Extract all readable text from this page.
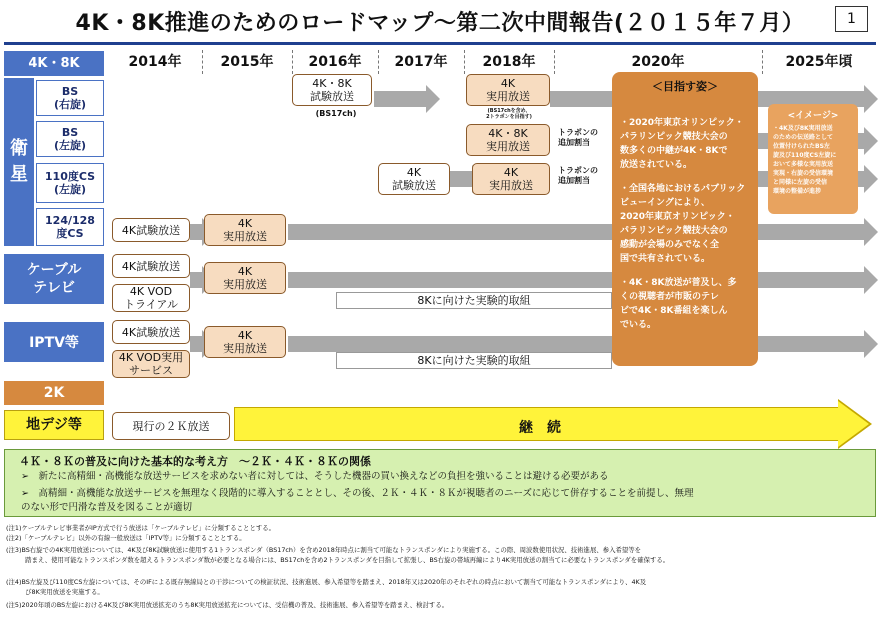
4K・8K推進のためのロードマップ～第二次中間報告(２０１５年７月）	1
4K・8K	2014年	2015年	2016年	2017年	2018年	2020年	2025年頃
衛
星
BS
(右旋)
BS
(左旋)
110度CS
(左旋)
124/128
度CS
ケーブル
テレビ
IPTV等
4K・8K
試験放送
(BS17ch)
4K
実用放送
(BS17chを含め、
2トラポンを目指す)
4K・8K
実用放送
トラポンの
追加割当
4K
試験放送
4K
実用放送
トラポンの
追加割当
4K試験放送	4K
実用放送
4K試験放送
4K VOD
トライアル
4K
実用放送
8Kに向けた実験的取組
4K試験放送
4K VOD実用
サービス
4K
実用放送
8Kに向けた実験的取組
＜目指す姿＞
・2020年東京オリンピック・
パラリンピック競技大会の
数多くの中継が4K・8Kで
放送されている。
・全国各地におけるパブリック
ビューイングにより、
2020年東京オリンピック・
パラリンピック競技大会の
感動が会場のみでなく全
国で共有されている。
・4K・8K放送が普及し、多
くの視聴者が市販のテレ
ビで4K・8K番組を楽しん
でいる。
<イメージ>
・4K及び8K実用放送
のための伝送路として
位置付けられたBS左
旋及び110度CS左旋に
おいて多様な実用放送
実現・右旋の受信環境
と同様に左旋の受信
環境の整備が進捗
2K
地デジ等	現行の２Ｋ放送	継　続
４Ｋ・８Ｋの普及に向けた基本的な考え方　～２Ｋ・４Ｋ・８Ｋの関係
➢　新たに高精細・高機能な放送サービスを求めない者に対しては、そうした機器の買い換えなどの負担を強いることは避ける必要がある
➢　高精細・高機能な放送サービスを無理なく段階的に導入することとし、その後、２Ｋ・４Ｋ・８Ｋが視聴者のニーズに応じて併存することを前提し、無理
のない形で円滑な普及を図ることが適切
(注1)ケーブルテレビ事業者がIP方式で行う放送は「ケーブルテレビ」に分類することとする。
(注2)「ケーブルテレビ」以外の有線一般放送は「IPTV等」に分類することとする。
(注3)BS右旋での4K実用放送については、4K及び8K試験放送に使用する1トランスポンダ（BS17ch）を含め2018年時点に割当て可能なトランスポンダにより実施する。この際、周波数使用状況、技術進展、参入希望等を
　　　踏まえ、使用可能なトランスポンダ数を超えるトランスポンダ数が必要となる場合には、BS17chを含め2トランスポンダを目指して拡張し、BS右旋の帯域再編により4K実用放送の割当てに必要なトランスポンダを確保する。
(注4)BS左旋及び110度CS左旋については、そのIFによる既存無線局との干渉についての検証状況、技術進展、参入希望等を踏まえ、2018年又は2020年のそれぞれの時点において割当て可能なトランスポンダにより、4K及
　　　び8K実用放送を実施する。
(注5)2020年頃のBS左旋における4K及び8K実用放送拡充のうち8K実用放送拡充については、受信機の普及、技術進展、参入希望等を踏まえ、検討する。
